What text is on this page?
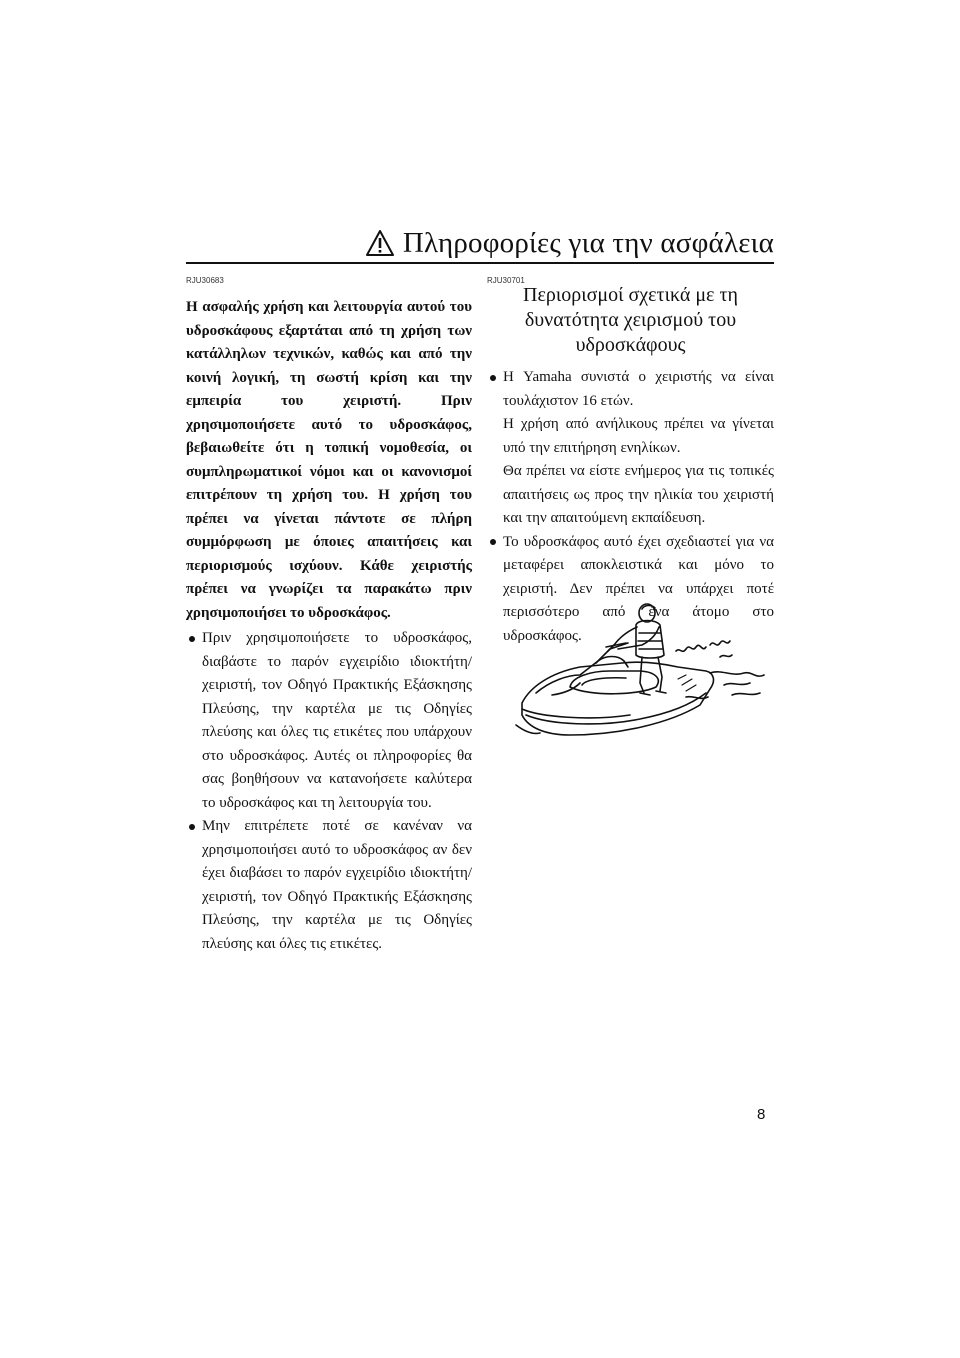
Πληροφορίες για την ασφάλεια
RJU30683

Η ασφαλής χρήση και λειτουργία αυτού του υδροσκάφους εξαρτάται από τη χρήση των κατάλληλων τεχνικών, καθώς και από την κοινή λογική, τη σωστή κρίση και την εμπειρία του χειριστή. Πριν χρησιμοποιήσετε αυτό το υδροσκάφος, βεβαιωθείτε ότι η τοπική νομοθεσία, οι συμπληρωματικοί νόμοι και οι κανονισμοί επιτρέπουν τη χρήση του. Η χρήση του πρέπει να γίνεται πάντοτε σε πλήρη συμμόρφωση με όποιες απαιτήσεις και περιορισμούς ισχύουν. Κάθε χειριστής πρέπει να γνωρίζει τα παρακάτω πριν χρησιμοποιήσει το υδροσκάφος.

Πριν χρησιμοποιήσετε το υδροσκάφος, διαβάστε το παρόν εγχειρίδιο ιδιοκτήτη/χειριστή, τον Οδηγό Πρακτικής Εξάσκησης Πλεύσης, την καρτέλα με τις Οδηγίες πλεύσης και όλες τις ετικέτες που υπάρχουν στο υδροσκάφος. Αυτές οι πληροφορίες θα σας βοηθήσουν να κατανοήσετε καλύτερα το υδροσκάφος και τη λειτουργία του.
Μην επιτρέπετε ποτέ σε κανέναν να χρησιμοποιήσει αυτό το υδροσκάφος αν δεν έχει διαβάσει το παρόν εγχειρίδιο ιδιοκτήτη/χειριστή, τον Οδηγό Πρακτικής Εξάσκησης Πλεύσης, την καρτέλα με τις Οδηγίες πλεύσης και όλες τις ετικέτες.
RJU30701
Περιορισμοί σχετικά με τη δυνατότητα χειρισμού του υδροσκάφους
Η Yamaha συνιστά ο χειριστής να είναι τουλάχιστον 16 ετών.
Η χρήση από ανήλικους πρέπει να γίνεται υπό την επιτήρηση ενηλίκων.
Θα πρέπει να είστε ενήμερος για τις τοπικές απαιτήσεις ως προς την ηλικία του χειριστή και την απαιτούμενη εκπαίδευση.
Το υδροσκάφος αυτό έχει σχεδιαστεί για να μεταφέρει αποκλειστικά και μόνο το χειριστή. Δεν πρέπει να υπάρχει ποτέ περισσότερο από ένα άτομο στο υδροσκάφος.
8
